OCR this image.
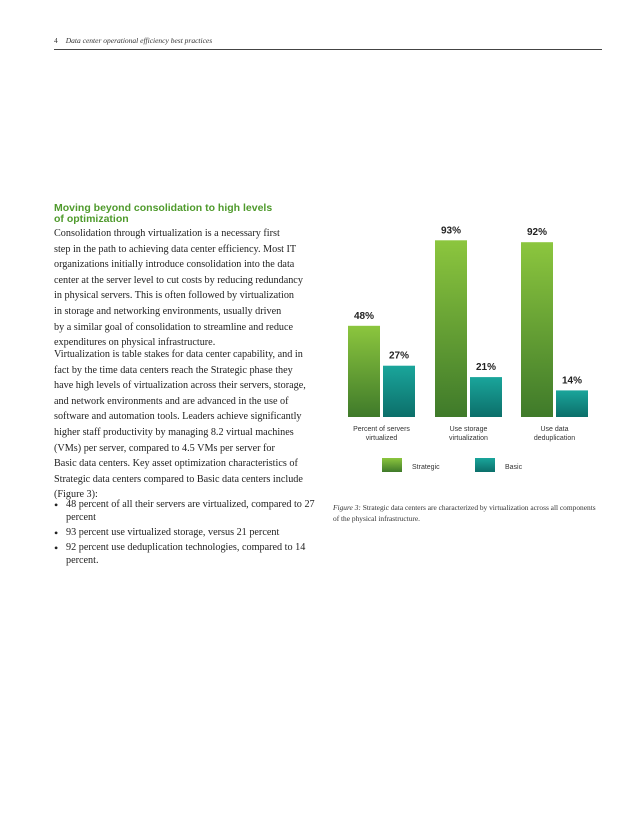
4 Data center operational efficiency best practices
Moving beyond consolidation to high levels
of optimization
Consolidation through virtualization is a necessary first
step in the path to achieving data center efficiency. Most IT
organizations initially introduce consolidation into the data
center at the server level to cut costs by reducing redundancy
in physical servers. This is often followed by virtualization
in storage and networking environments, usually driven
by a similar goal of consolidation to streamline and reduce
expenditures on physical infrastructure.
Virtualization is table stakes for data center capability, and in
fact by the time data centers reach the Strategic phase they
have high levels of virtualization across their servers, storage,
and network environments and are advanced in the use of
software and automation tools. Leaders achieve significantly
higher staff productivity by managing 8.2 virtual machines
(VMs) per server, compared to 4.5 VMs per server for
Basic data centers. Key asset optimization characteristics of
Strategic data centers compared to Basic data centers include
(Figure 3):
• 48 percent of all their servers are virtualized, compared to 27 percent
• 93 percent use virtualized storage, versus 21 percent
• 92 percent use deduplication technologies, compared to 14 percent.
48%
27%
Percent of servers
virtualized
93%
21%
Use storage
virtualization
92%
14%
Use data
deduplication
Strategic	Basic
Figure 3: Strategic data centers are characterized by virtualization across all components of the physical infrastructure.
